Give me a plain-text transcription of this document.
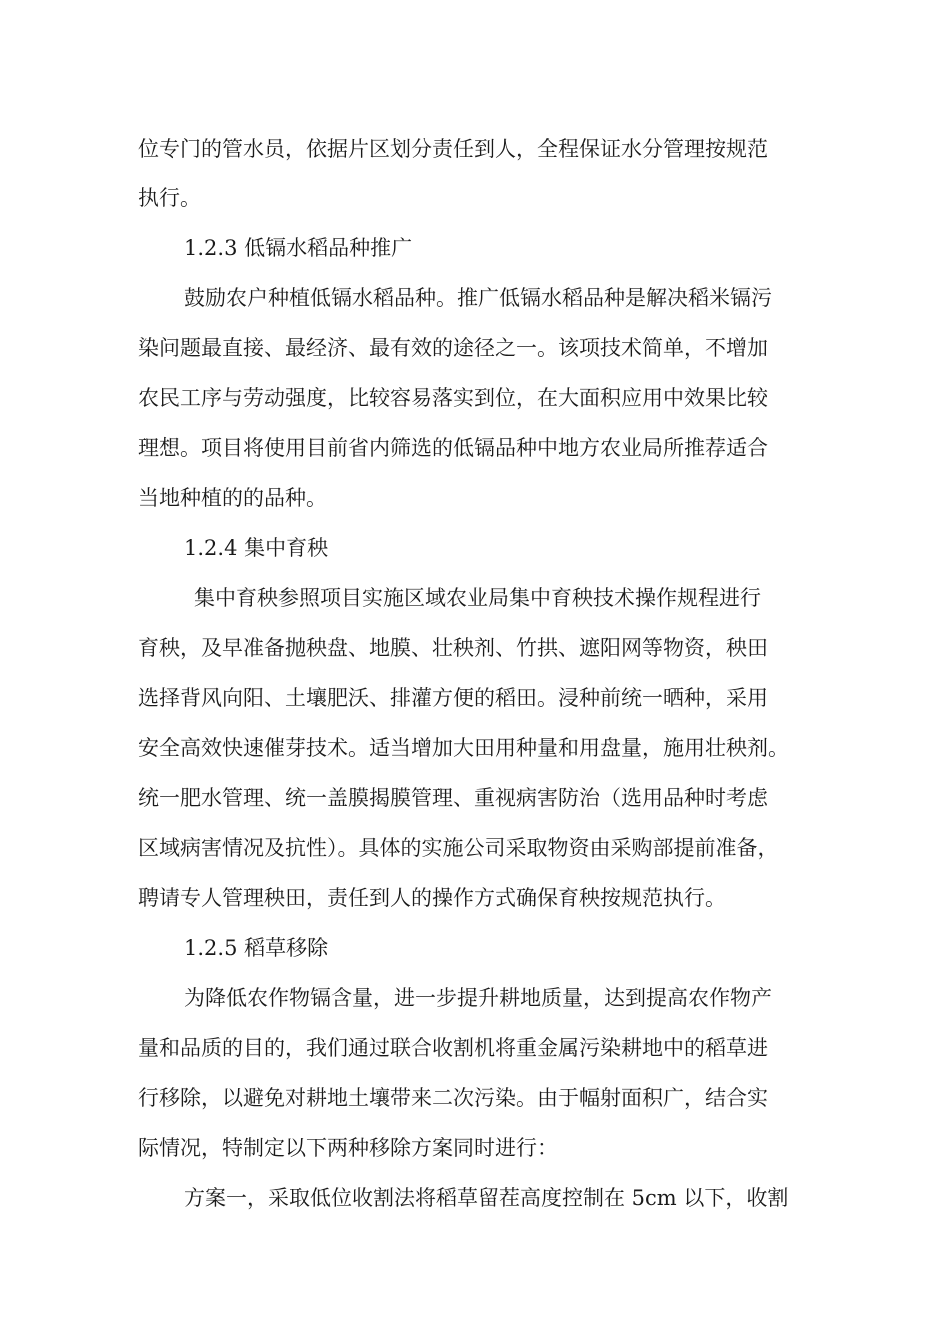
位专门的管水员，依据片区划分责任到人，全程保证水分管理按规范
执行。
1.2.3 低镉水稻品种推广
鼓励农户种植低镉水稻品种。推广低镉水稻品种是解决稻米镉污
染问题最直接、最经济、最有效的途径之一。该项技术简单，不增加
农民工序与劳动强度，比较容易落实到位，在大面积应用中效果比较
理想。项目将使用目前省内筛选的低镉品种中地方农业局所推荐适合
当地种植的的品种。
1.2.4 集中育秧
集中育秧参照项目实施区域农业局集中育秧技术操作规程进行
育秧，及早准备抛秧盘、地膜、壮秧剂、竹拱、遮阳网等物资，秧田
选择背风向阳、土壤肥沃、排灌方便的稻田。浸种前统一晒种，采用
安全高效快速催芽技术。适当增加大田用种量和用盘量，施用壮秧剂。
统一肥水管理、统一盖膜揭膜管理、重视病害防治（选用品种时考虑
区域病害情况及抗性）。具体的实施公司采取物资由采购部提前准备，
聘请专人管理秧田，责任到人的操作方式确保育秧按规范执行。
1.2.5 稻草移除
为降低农作物镉含量，进一步提升耕地质量，达到提高农作物产
量和品质的目的，我们通过联合收割机将重金属污染耕地中的稻草进
行移除，以避免对耕地土壤带来二次污染。由于幅射面积广，结合实
际情况，特制定以下两种移除方案同时进行：
方案一，采取低位收割法将稻草留茬高度控制在 5cm 以下，收割
